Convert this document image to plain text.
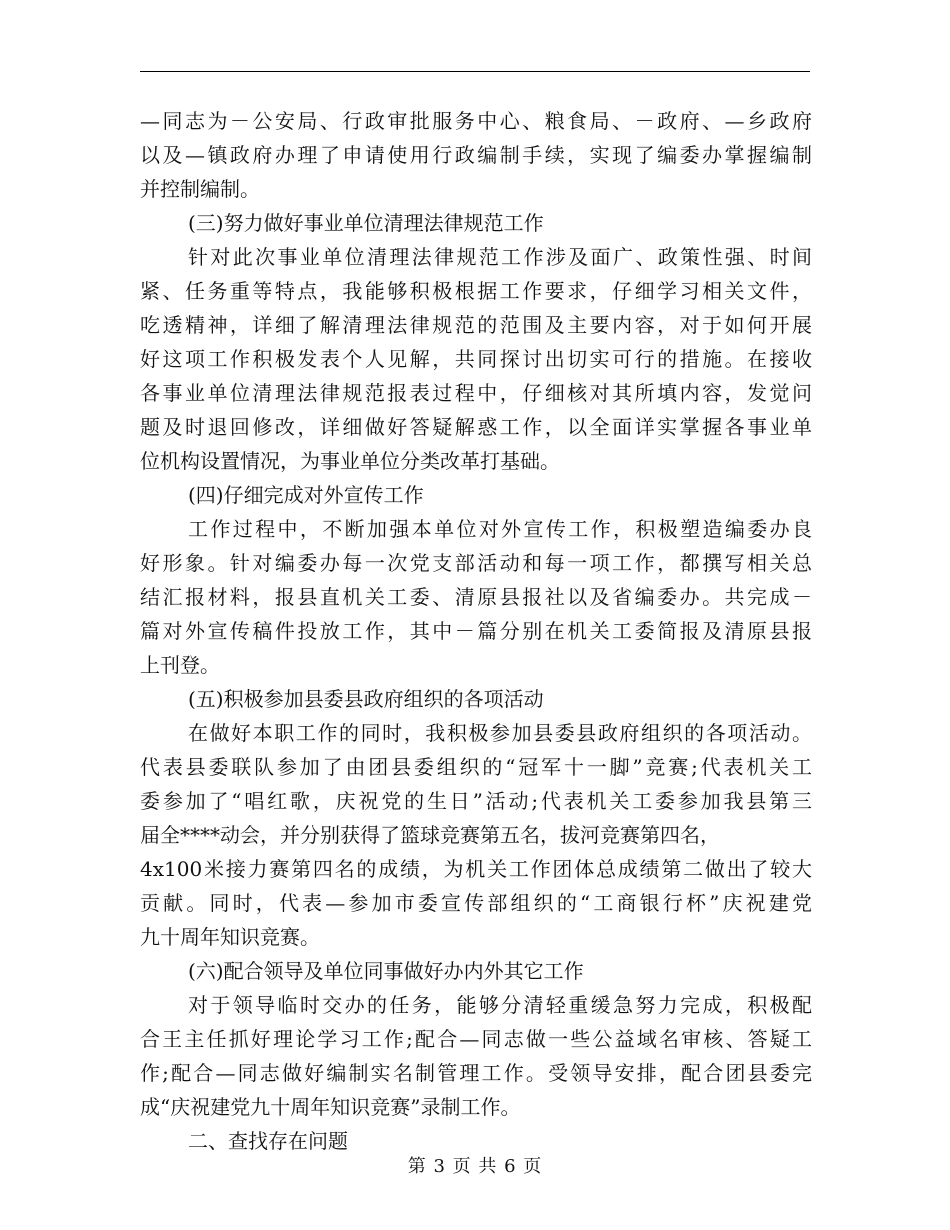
—同志为－公安局、行政审批服务中心、粮食局、－政府、—乡政府
以及—镇政府办理了申请使用行政编制手续，实现了编委办掌握编制
并控制编制。
(三)努力做好事业单位清理法律规范工作
针对此次事业单位清理法律规范工作涉及面广、政策性强、时间
紧、任务重等特点，我能够积极根据工作要求，仔细学习相关文件，
吃透精神，详细了解清理法律规范的范围及主要内容，对于如何开展
好这项工作积极发表个人见解，共同探讨出切实可行的措施。在接收
各事业单位清理法律规范报表过程中，仔细核对其所填内容，发觉问
题及时退回修改，详细做好答疑解惑工作，以全面详实掌握各事业单
位机构设置情况，为事业单位分类改革打基础。
(四)仔细完成对外宣传工作
工作过程中，不断加强本单位对外宣传工作，积极塑造编委办良
好形象。针对编委办每一次党支部活动和每一项工作，都撰写相关总
结汇报材料，报县直机关工委、清原县报社以及省编委办。共完成－
篇对外宣传稿件投放工作，其中－篇分别在机关工委简报及清原县报
上刊登。
(五)积极参加县委县政府组织的各项活动
在做好本职工作的同时，我积极参加县委县政府组织的各项活动。
代表县委联队参加了由团县委组织的“冠军十一脚”竞赛;代表机关工
委参加了“唱红歌，庆祝党的生日”活动;代表机关工委参加我县第三
届全****动会，并分别获得了篮球竞赛第五名，拔河竞赛第四名，
4x100米接力赛第四名的成绩，为机关工作团体总成绩第二做出了较大
贡献。同时，代表—参加市委宣传部组织的“工商银行杯”庆祝建党
九十周年知识竞赛。
(六)配合领导及单位同事做好办内外其它工作
对于领导临时交办的任务，能够分清轻重缓急努力完成，积极配
合王主任抓好理论学习工作;配合—同志做一些公益域名审核、答疑工
作;配合—同志做好编制实名制管理工作。受领导安排，配合团县委完
成“庆祝建党九十周年知识竞赛”录制工作。
二、查找存在问题
第 3 页 共 6 页
